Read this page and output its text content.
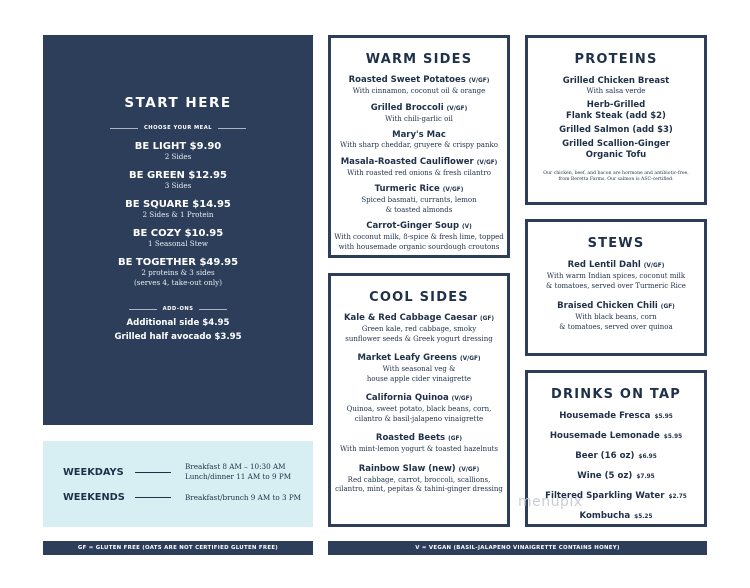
START HERE
CHOOSE YOUR MEAL
BE LIGHT $9.90
2 Sides
BE GREEN $12.95
3 Sides
BE SQUARE $14.95
2 Sides & 1 Protein
BE COZY $10.95
1 Seasonal Stew
BE TOGETHER $49.95
2 proteins & 3 sides
(serves 4, take-out only)
ADD-ONS
Additional side $4.95
Grilled half avocado $3.95
WEEKDAYS	Breakfast 8 AM – 10:30 AM
Lunch/dinner 11 AM to 9 PM
WEEKENDS	Breakfast/brunch 9 AM to 3 PM
WARM SIDES
Roasted Sweet Potatoes (V/GF)
With cinnamon, coconut oil & orange
Grilled Broccoli (V/GF)
With chili-garlic oil
Mary's Mac
With sharp cheddar, gruyere & crispy panko
Masala-Roasted Cauliflower (V/GF)
With roasted red onions & fresh cilantro
Turmeric Rice (V/GF)
Spiced basmati, currants, lemon
& toasted almonds
Carrot-Ginger Soup (V)
With coconut milk, 8-spice & fresh lime, topped
with housemade organic sourdough croutons
COOL SIDES
Kale & Red Cabbage Caesar (GF)
Green kale, red cabbage, smoky
sunflower seeds & Greek yogurt dressing
Market Leafy Greens (V/GF)
With seasonal veg &
house apple cider vinaigrette
California Quinoa (V/GF)
Quinoa, sweet potato, black beans, corn,
cilantro & basil-jalapeno vinaigrette
Roasted Beets (GF)
With mint-lemon yogurt & toasted hazelnuts
Rainbow Slaw (new) (V/GF)
Red cabbage, carrot, broccoli, scallions,
cilantro, mint, pepitas & tahini-ginger dressing
PROTEINS
Grilled Chicken Breast
With salsa verde
Herb-Grilled
Flank Steak (add $2)
Grilled Salmon (add $3)
Grilled Scallion-Ginger
Organic Tofu
Our chicken, beef, and bacon are hormone and antibiotic-free,
from Beretta Farms. Our salmon is ASC-certified.
STEWS
Red Lentil Dahl (V/GF)
With warm Indian spices, coconut milk
& tomatoes, served over Turmeric Rice
Braised Chicken Chili (GF)
With black beans, corn
& tomatoes, served over quinoa
DRINKS ON TAP
Housemade Fresca $5.95
Housemade Lemonade $5.95
Beer (16 oz) $6.95
Wine (5 oz) $7.95
Filtered Sparkling Water $2.75
Kombucha $5.25
menupix
GF = GLUTEN FREE (OATS ARE NOT CERTIFIED GLUTEN FREE)	V = VEGAN (BASIL-JALAPENO VINAIGRETTE CONTAINS HONEY)
